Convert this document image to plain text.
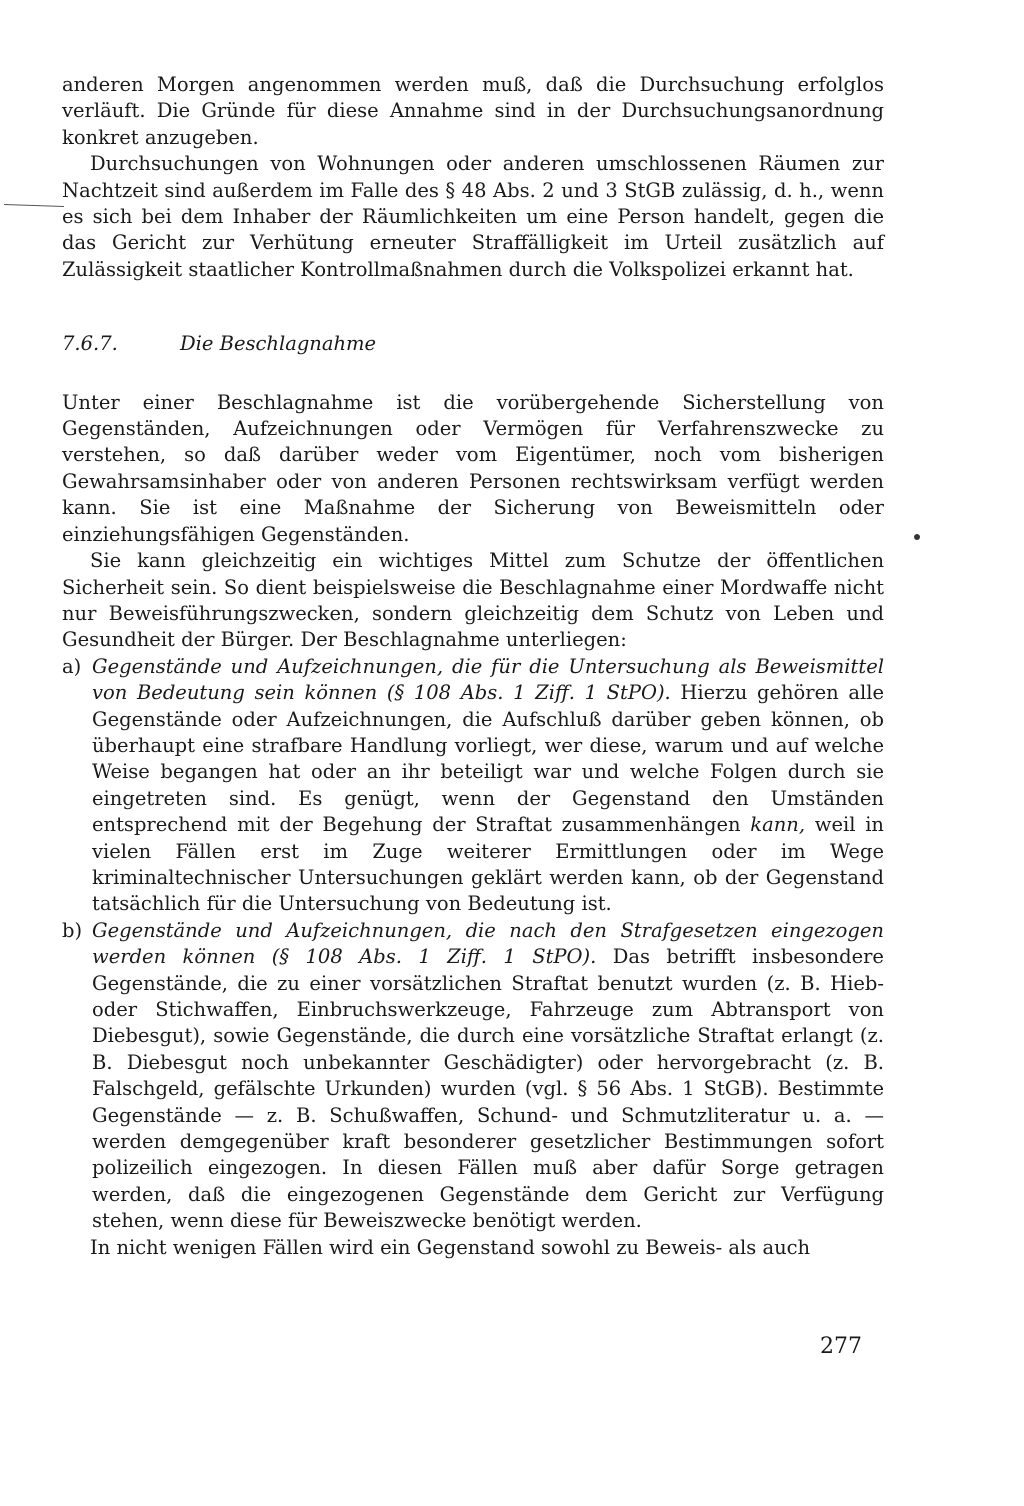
anderen Morgen angenommen werden muß, daß die Durchsuchung erfolglos verläuft. Die Gründe für diese Annahme sind in der Durchsuchungsanordnung konkret anzugeben.

Durchsuchungen von Wohnungen oder anderen umschlossenen Räumen zur Nachtzeit sind außerdem im Falle des § 48 Abs. 2 und 3 StGB zulässig, d. h., wenn es sich bei dem Inhaber der Räumlichkeiten um eine Person handelt, gegen die das Gericht zur Verhütung erneuter Straffälligkeit im Urteil zusätzlich auf Zulässigkeit staatlicher Kontrollmaßnahmen durch die Volkspolizei erkannt hat.

7.6.7.	Die Beschlagnahme

Unter einer Beschlagnahme ist die vorübergehende Sicherstellung von Gegenständen, Aufzeichnungen oder Vermögen für Verfahrenszwecke zu verstehen, so daß darüber weder vom Eigentümer, noch vom bisherigen Gewahrsamsinhaber oder von anderen Personen rechtswirksam verfügt werden kann. Sie ist eine Maßnahme der Sicherung von Beweismitteln oder einziehungsfähigen Gegenständen.

Sie kann gleichzeitig ein wichtiges Mittel zum Schutze der öffentlichen Sicherheit sein. So dient beispielsweise die Beschlagnahme einer Mordwaffe nicht nur Beweisführungszwecken, sondern gleichzeitig dem Schutz von Leben und Gesundheit der Bürger. Der Beschlagnahme unterliegen:

a) Gegenstände und Aufzeichnungen, die für die Untersuchung als Beweismittel von Bedeutung sein können (§ 108 Abs. 1 Ziff. 1 StPO). Hierzu gehören alle Gegenstände oder Aufzeichnungen, die Aufschluß darüber geben können, ob überhaupt eine strafbare Handlung vorliegt, wer diese, warum und auf welche Weise begangen hat oder an ihr beteiligt war und welche Folgen durch sie eingetreten sind. Es genügt, wenn der Gegenstand den Umständen entsprechend mit der Begehung der Straftat zusammenhängen kann, weil in vielen Fällen erst im Zuge weiterer Ermittlungen oder im Wege kriminaltechnischer Untersuchungen geklärt werden kann, ob der Gegenstand tatsächlich für die Untersuchung von Bedeutung ist.
b) Gegenstände und Aufzeichnungen, die nach den Strafgesetzen eingezogen werden können (§ 108 Abs. 1 Ziff. 1 StPO). Das betrifft insbesondere Gegenstände, die zu einer vorsätzlichen Straftat benutzt wurden (z. B. Hieb- oder Stichwaffen, Einbruchswerkzeuge, Fahrzeuge zum Abtransport von Diebesgut), sowie Gegenstände, die durch eine vorsätzliche Straftat erlangt (z. B. Diebesgut noch unbekannter Geschädigter) oder hervorgebracht (z. B. Falschgeld, gefälschte Urkunden) wurden (vgl. § 56 Abs. 1 StGB). Bestimmte Gegenstände — z. B. Schußwaffen, Schund- und Schmutzliteratur u. a. — werden demgegenüber kraft besonderer gesetzlicher Bestimmungen sofort polizeilich eingezogen. In diesen Fällen muß aber dafür Sorge getragen werden, daß die eingezogenen Gegenstände dem Gericht zur Verfügung stehen, wenn diese für Beweiszwecke benötigt werden.

In nicht wenigen Fällen wird ein Gegenstand sowohl zu Beweis- als auch

277
